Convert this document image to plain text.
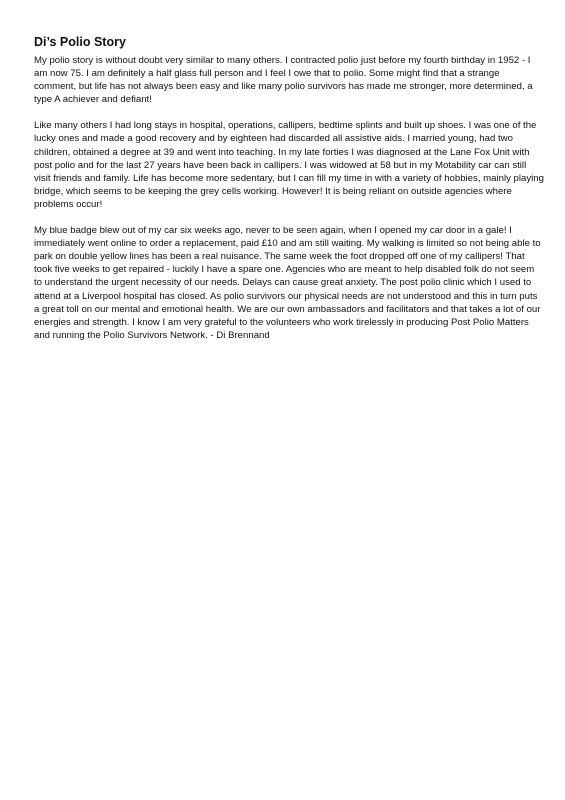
Di’s Polio Story

My polio story is without doubt very similar to many others. I contracted polio just before my fourth birthday in 1952 - I am now 75. I am definitely a half glass full person and I feel I owe that to polio. Some might find that a strange comment, but life has not always been easy and like many polio survivors has made me stronger, more determined, a type A achiever and defiant!

Like many others I had long stays in hospital, operations, callipers, bedtime splints and built up shoes. I was one of the lucky ones and made a good recovery and by eighteen had discarded all assistive aids. I married young, had two children, obtained a degree at 39 and went into teaching. In my late forties I was diagnosed at the Lane Fox Unit with post polio and for the last 27 years have been back in callipers. I was widowed at 58 but in my Motability car can still visit friends and family. Life has become more sedentary, but I can fill my time in with a variety of hobbies, mainly playing bridge, which seems to be keeping the grey cells working. However! It is being reliant on outside agencies where problems occur!

My blue badge blew out of my car six weeks ago, never to be seen again, when I opened my car door in a gale! I immediately went online to order a replacement, paid £10 and am still waiting. My walking is limited so not being able to park on double yellow lines has been a real nuisance. The same week the foot dropped off one of my callipers! That took five weeks to get repaired - luckily I have a spare one. Agencies who are meant to help disabled folk do not seem to understand the urgent necessity of our needs. Delays can cause great anxiety. The post polio clinic which I used to attend at a Liverpool hospital has closed. As polio survivors our physical needs are not understood and this in turn puts a great toll on our mental and emotional health. We are our own ambassadors and facilitators and that takes a lot of our energies and strength. I know I am very grateful to the volunteers who work tirelessly in producing Post Polio Matters and running the Polio Survivors Network. - Di Brennand
